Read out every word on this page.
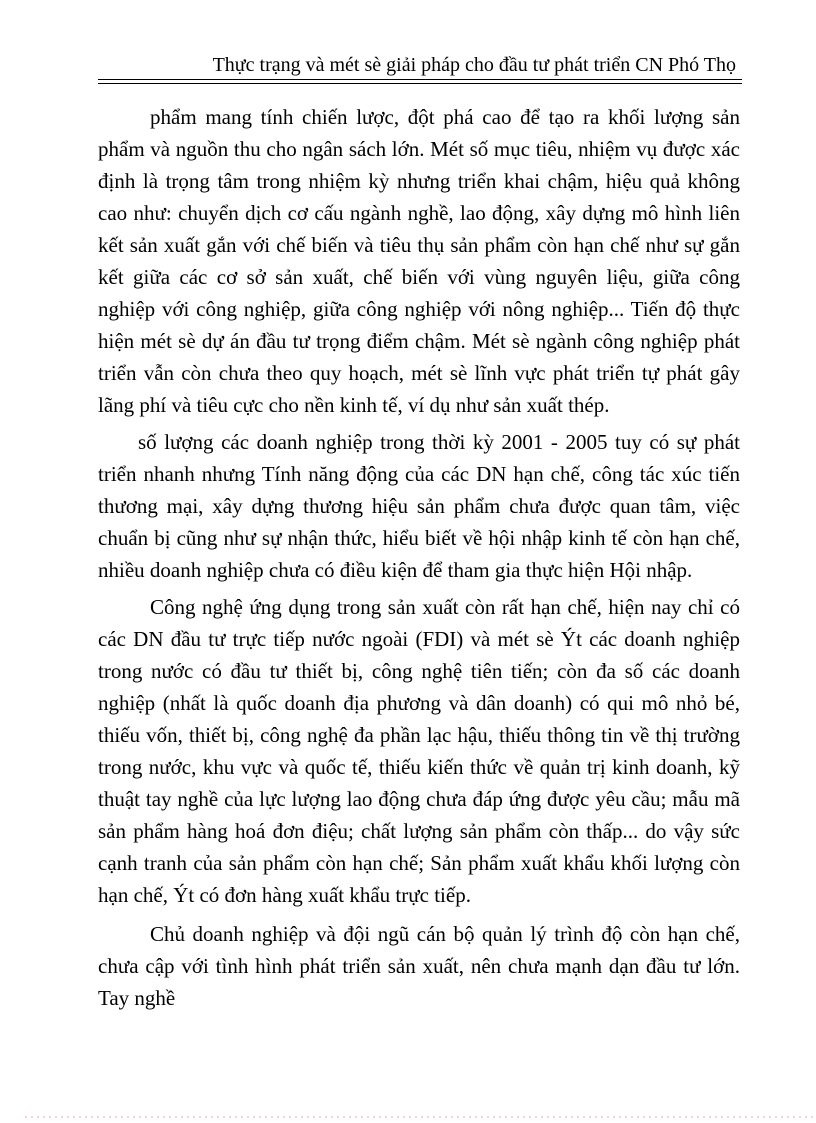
Thực trạng và mét sè giải pháp cho đầu tư phát triển CN Phó Thọ

phẩm mang tính chiến lược, đột phá cao để tạo ra khối lượng sản phẩm và nguồn thu cho ngân sách lớn. Mét số mục tiêu, nhiệm vụ được xác định là trọng tâm trong nhiệm kỳ nhưng triển khai chậm, hiệu quả không cao như: chuyển dịch cơ cấu ngành nghề, lao động, xây dựng mô hình liên kết sản xuất gắn với chế biến và tiêu thụ sản phẩm còn hạn chế như sự gắn kết giữa các cơ sở sản xuất, chế biến với vùng nguyên liệu, giữa công nghiệp với công nghiệp, giữa công nghiệp với nông nghiệp... Tiến độ thực hiện mét sè dự án đầu tư trọng điểm chậm. Mét sè ngành công nghiệp phát triển vẫn còn chưa theo quy hoạch, mét sè lĩnh vực phát triển tự phát gây lãng phí và tiêu cực cho nền kinh tế, ví dụ như sản xuất thép.

số lượng các doanh nghiệp trong thời kỳ 2001 - 2005 tuy có sự phát triển nhanh nhưng Tính năng động của các DN hạn chế, công tác xúc tiến thương mại, xây dựng thương hiệu sản phẩm chưa được quan tâm, việc chuẩn bị cũng như sự nhận thức, hiểu biết về hội nhập kinh tế còn hạn chế, nhiều doanh nghiệp chưa có điều kiện để tham gia thực hiện Hội nhập.

Công nghệ ứng dụng trong sản xuất còn rất hạn chế, hiện nay chỉ có các DN đầu tư trực tiếp nước ngoài (FDI) và mét sè Ýt các doanh nghiệp trong nước có đầu tư thiết bị, công nghệ tiên tiến; còn đa số các doanh nghiệp (nhất là quốc doanh địa phương và dân doanh) có qui mô nhỏ bé, thiếu vốn, thiết bị, công nghệ đa phần lạc hậu, thiếu thông tin về thị trường trong nước, khu vực và quốc tế, thiếu kiến thức về quản trị kinh doanh, kỹ thuật tay nghề của lực lượng lao động chưa đáp ứng được yêu cầu; mẫu mã sản phẩm hàng hoá đơn điệu; chất lượng sản phẩm còn thấp... do vậy sức cạnh tranh của sản phẩm còn hạn chế; Sản phẩm xuất khẩu khối lượng còn hạn chế, Ýt có đơn hàng xuất khẩu trực tiếp.

Chủ doanh nghiệp và đội ngũ cán bộ quản lý trình độ còn hạn chế, chưa cập với tình hình phát triển sản xuất, nên chưa mạnh dạn đầu tư lớn. Tay nghề
